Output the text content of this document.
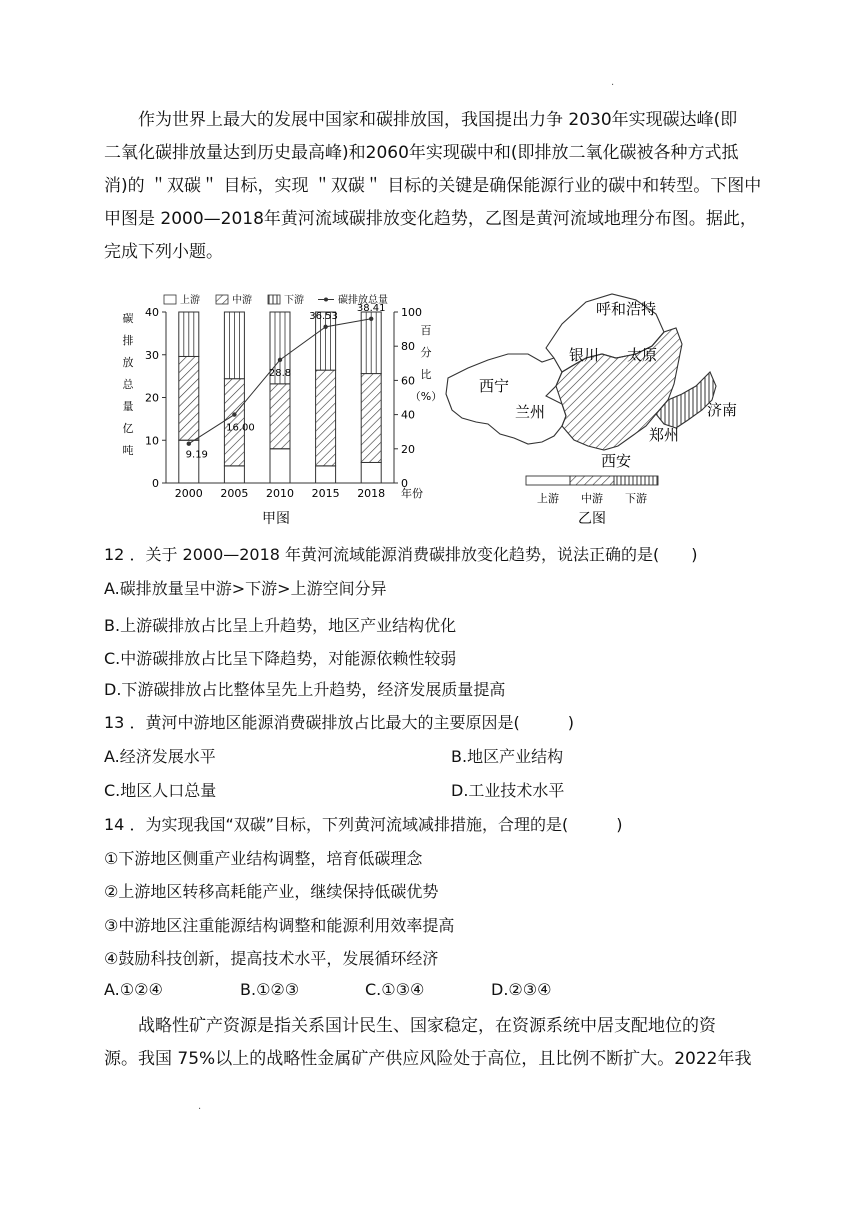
·
作为世界上最大的发展中国家和碳排放国，我国提出力争 2030年实现碳达峰(即
二氧化碳排放量达到历史最高峰)和2060年实现碳中和(即排放二氧化碳被各种方式抵
消)的 ＂双碳＂ 目标，实现 ＂双碳＂ 目标的关键是确保能源行业的碳中和转型。下图中
甲图是 2000—2018年黄河流域碳排放变化趋势，乙图是黄河流域地理分布图。据此，
完成下列小题。
上游	中游	下游	碳排放总量
碳
排
放
总
量
亿
吨
百
分
比
（%）
0
10
20
30
40
0
20
40
60
80
100
9.19
16.00
28.8
36.53
38.41
2000 2005 2010 2015 2018 年份
甲图
呼和浩特
银川 太原
西宁
兰州	济南
郑州
西安
上游 中游 下游
乙图
12 ．关于 2000—2018 年黄河流域能源消费碳排放变化趋势，说法正确的是(　　)
A.碳排放量呈中游>下游>上游空间分异
B.上游碳排放占比呈上升趋势，地区产业结构优化
C.中游碳排放占比呈下降趋势，对能源依赖性较弱
D.下游碳排放占比整体呈先上升趋势，经济发展质量提高
13 ．黄河中游地区能源消费碳排放占比最大的主要原因是(　　　)
A.经济发展水平	B.地区产业结构
C.地区人口总量	D.工业技术水平
14 ．为实现我国“双碳”目标，下列黄河流域减排措施，合理的是(　　　)
①下游地区侧重产业结构调整，培育低碳理念
②上游地区转移高耗能产业，继续保持低碳优势
③中游地区注重能源结构调整和能源利用效率提高
④鼓励科技创新，提高技术水平，发展循环经济
A.①②④	B.①②③	C.①③④	D.②③④
战略性矿产资源是指关系国计民生、国家稳定，在资源系统中居支配地位的资
源。我国 75%以上的战略性金属矿产供应风险处于高位，且比例不断扩大。2022年我
·
